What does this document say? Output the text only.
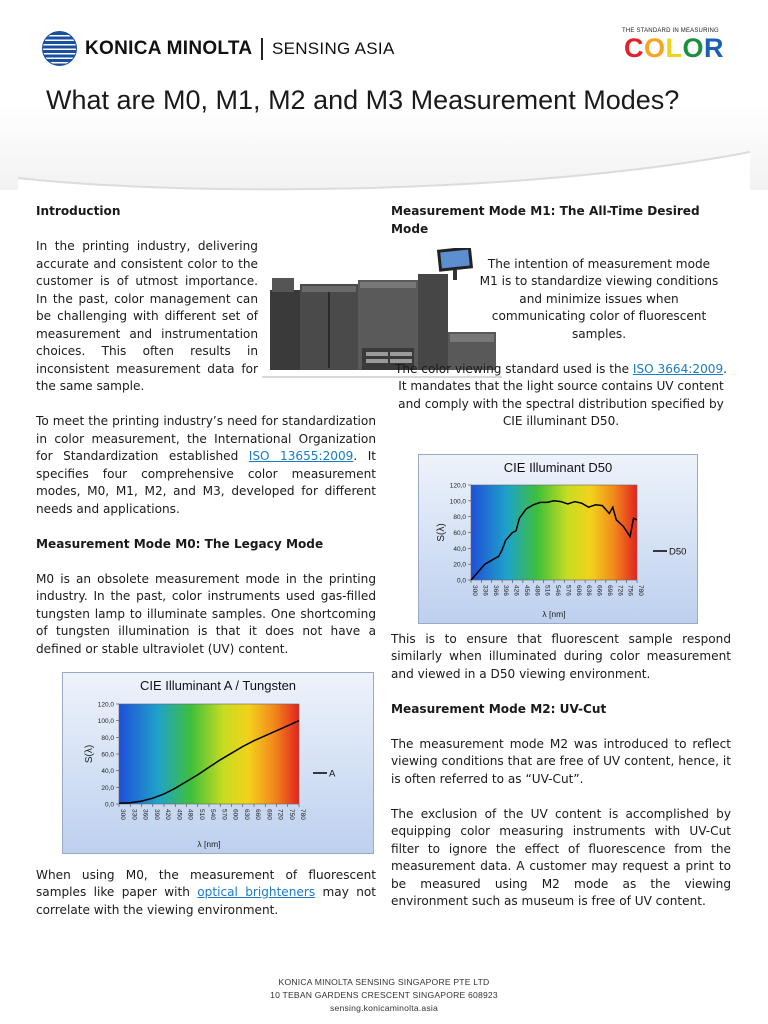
KONICA MINOLTA SENSING ASIA
THE STANDARD IN MEASURING
COLOR
What are M0, M1, M2 and M3 Measurement Modes?

Introduction

In the printing industry, delivering accurate and consistent color to the customer is of utmost importance. In the past, color management can be challenging with different set of measurement and instrumentation choices. This often results in inconsistent measurement data for the same sample.

To meet the printing industry’s need for standardization in color measurement, the International Organization for Standardization established ISO 13655:2009. It specifies four comprehensive color measurement modes, M0, M1, M2, and M3, developed for different needs and applications.

Measurement Mode M0: The Legacy Mode

M0 is an obsolete measurement mode in the printing industry. In the past, color instruments used gas-filled tungsten lamp to illuminate samples. One shortcoming of tungsten illumination is that it does not have a defined or stable ultraviolet (UV) content.

When using M0, the measurement of fluorescent samples like paper with optical brighteners may not correlate with the viewing environment.

Measurement Mode M1: The All-Time Desired Mode

The intention of measurement mode M1 is to standardize viewing conditions and minimize issues when communicating color of fluorescent samples.

The color viewing standard used is the ISO 3664:2009. It mandates that the light source contains UV content and comply with the spectral distribution specified by CIE illuminant D50.

This is to ensure that fluorescent sample respond similarly when illuminated during color measurement and viewed in a D50 viewing environment.

Measurement Mode M2: UV-Cut

The measurement mode M2 was introduced to reflect viewing conditions that are free of UV content, hence, it is often referred to as “UV-Cut”.

The exclusion of the UV content is accomplished by equipping color measuring instruments with UV-Cut filter to ignore the effect of fluorescence from the measurement data. A customer may request a print to be measured using M2 mode as the viewing environment such as museum is free of UV content.

CIE Illuminant A / Tungsten
0,0
20,0
40,0
60,0
80,0
100,0
120,0
300 330 360 390 420 450 480 510 540 570 600 630 660 690 720 750 780
S(λ)
λ [nm]
A
CIE Illuminant D50
0,0
20,0
40,0
60,0
80,0
100,0
120,0
300 336 366 396 426 456 486 516 546 576 606 636 666 696 726 756 780
S(λ)
λ [nm]
D50
KONICA MINOLTA SENSING SINGAPORE PTE LTD
10 TEBAN GARDENS CRESCENT SINGAPORE 608923
sensing.konicaminolta.asia
